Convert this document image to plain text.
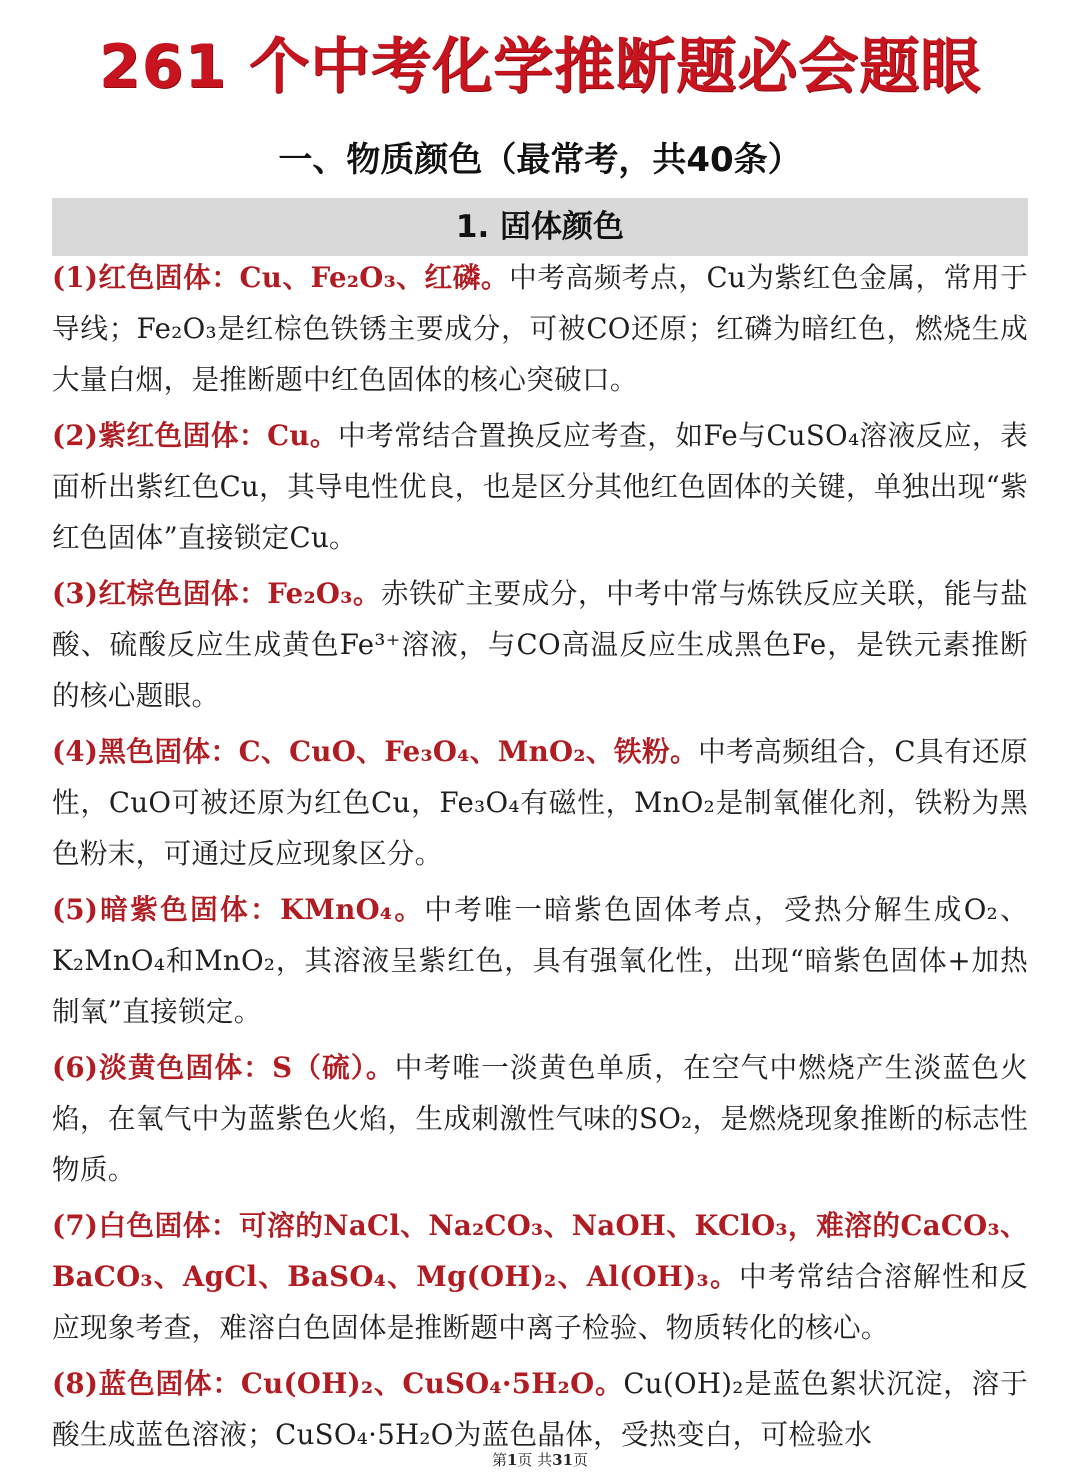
261 个中考化学推断题必会题眼
一、物质颜色（最常考，共40条）
1. 固体颜色

(1)红色固体：Cu、Fe₂O₃、红磷。中考高频考点，Cu为紫红色金属，常用于导线；Fe₂O₃是红棕色铁锈主要成分，可被CO还原；红磷为暗红色，燃烧生成大量白烟，是推断题中红色固体的核心突破口。

(2)紫红色固体：Cu。中考常结合置换反应考查，如Fe与CuSO₄溶液反应，表面析出紫红色Cu，其导电性优良，也是区分其他红色固体的关键，单独出现“紫红色固体”直接锁定Cu。

(3)红棕色固体：Fe₂O₃。赤铁矿主要成分，中考中常与炼铁反应关联，能与盐酸、硫酸反应生成黄色Fe³⁺溶液，与CO高温反应生成黑色Fe，是铁元素推断的核心题眼。

(4)黑色固体：C、CuO、Fe₃O₄、MnO₂、铁粉。中考高频组合，C具有还原性，CuO可被还原为红色Cu，Fe₃O₄有磁性，MnO₂是制氧催化剂，铁粉为黑色粉末，可通过反应现象区分。

(5)暗紫色固体：KMnO₄。中考唯一暗紫色固体考点，受热分解生成O₂、K₂MnO₄和MnO₂，其溶液呈紫红色，具有强氧化性，出现“暗紫色固体+加热制氧”直接锁定。

(6)淡黄色固体：S（硫）。中考唯一淡黄色单质，在空气中燃烧产生淡蓝色火焰，在氧气中为蓝紫色火焰，生成刺激性气味的SO₂，是燃烧现象推断的标志性物质。

(7)白色固体：可溶的NaCl、Na₂CO₃、NaOH、KClO₃，难溶的CaCO₃、BaCO₃、AgCl、BaSO₄、Mg(OH)₂、Al(OH)₃。中考常结合溶解性和反应现象考查，难溶白色固体是推断题中离子检验、物质转化的核心。

(8)蓝色固体：Cu(OH)₂、CuSO₄·5H₂O。Cu(OH)₂是蓝色絮状沉淀，溶于酸生成蓝色溶液；CuSO₄·5H₂O为蓝色晶体，受热变白，可检验水

第1页 共31页
